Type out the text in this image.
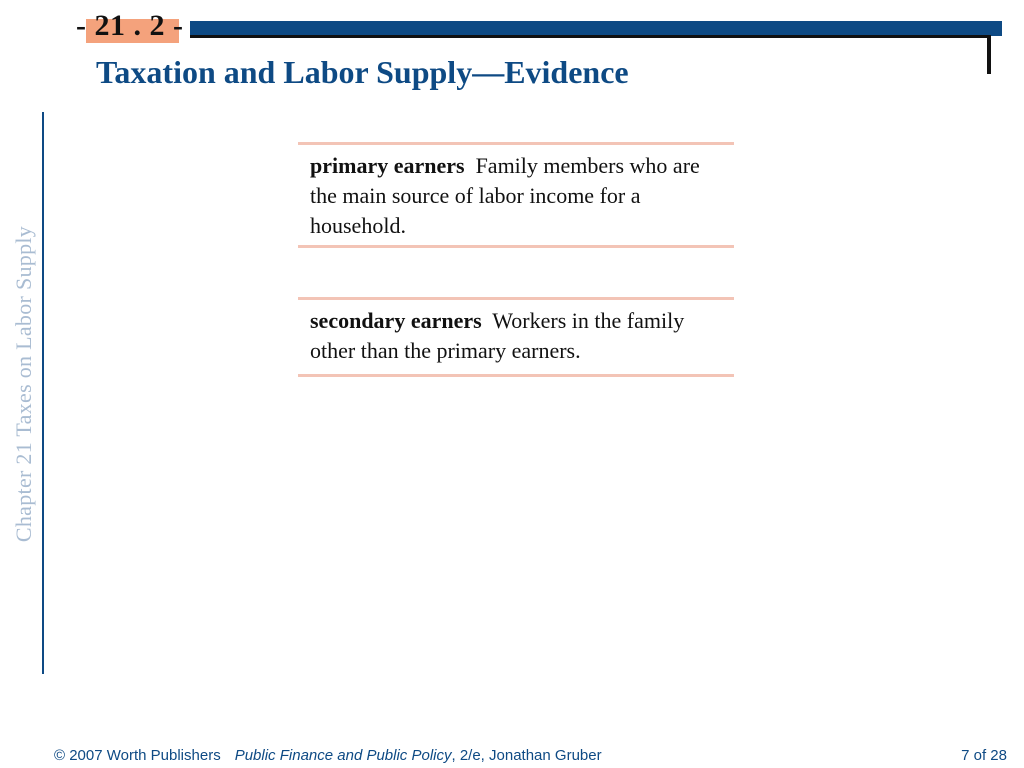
- 21 . 2 -
Taxation and Labor Supply—Evidence
Chapter 21 Taxes on Labor Supply
primary earners Family members who are the main source of labor income for a household.
secondary earners Workers in the family other than the primary earners.
© 2007 Worth Publishers Public Finance and Public Policy, 2/e, Jonathan Gruber	7 of 28
